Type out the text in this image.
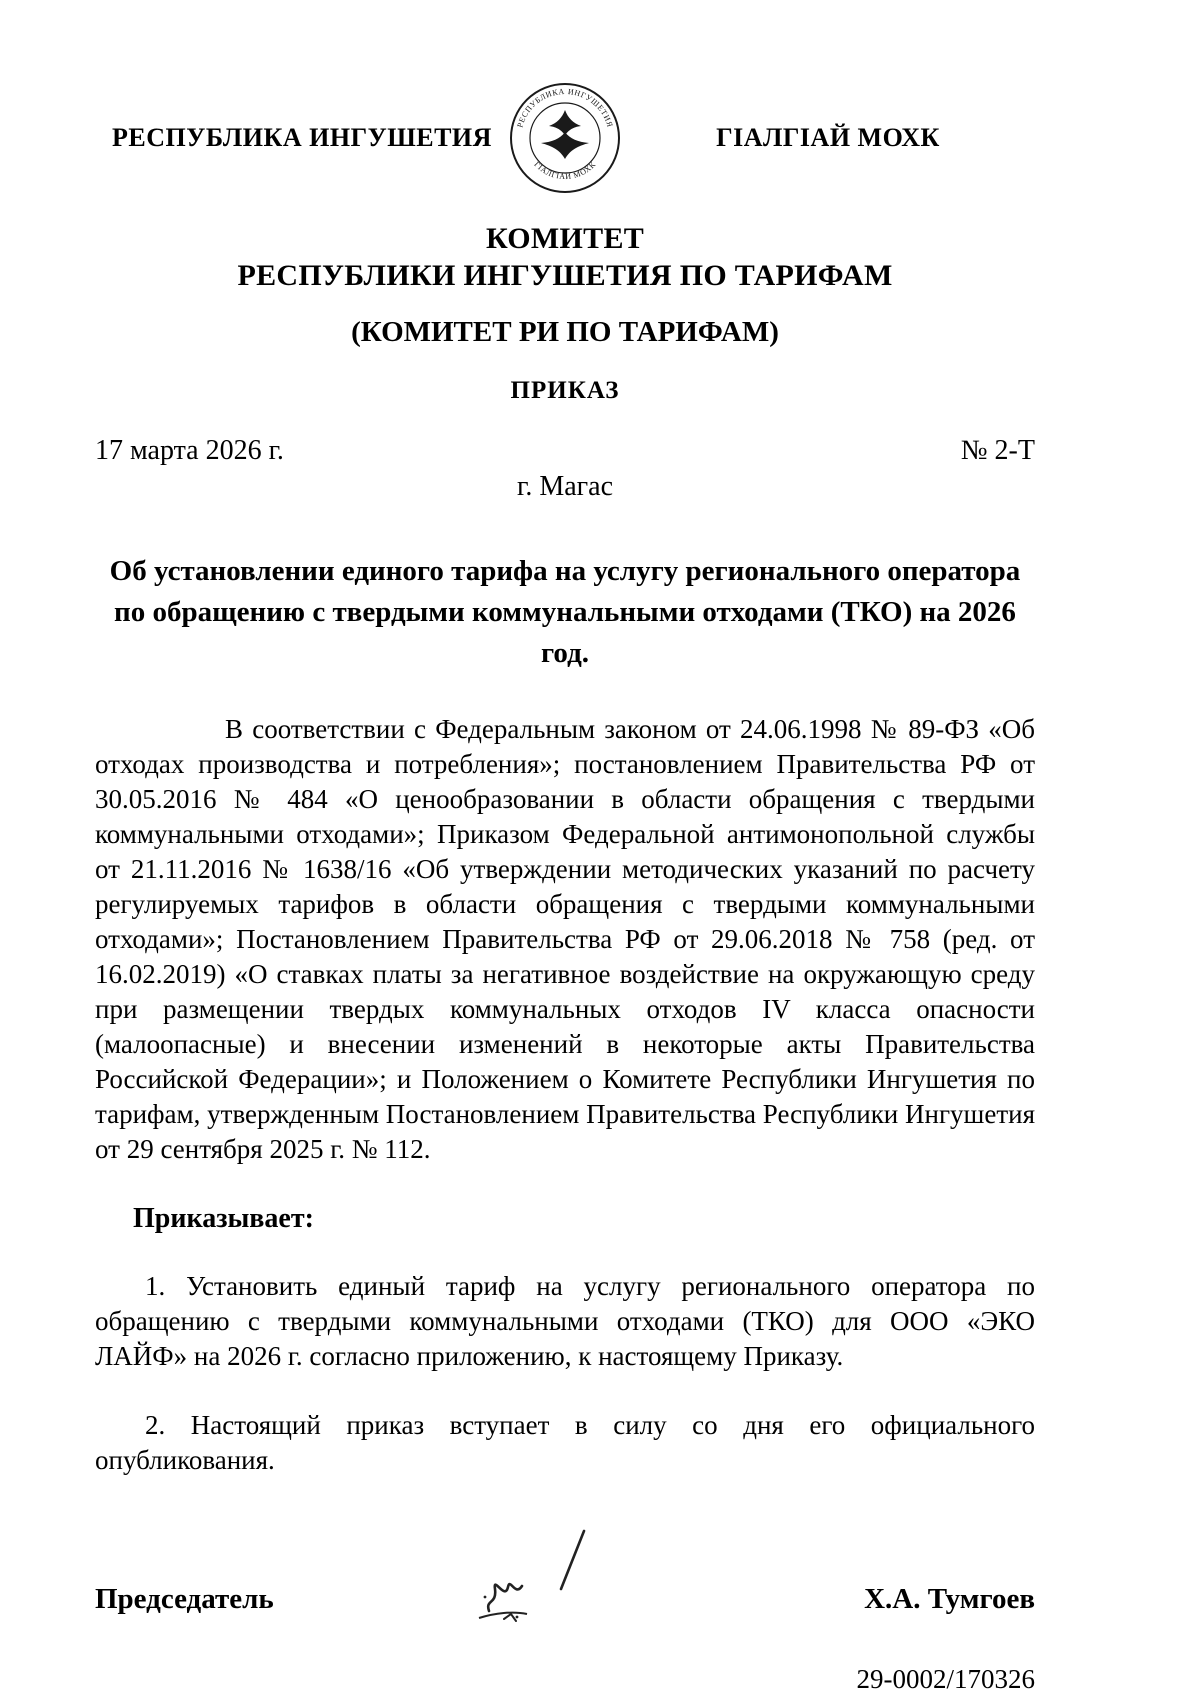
РЕСПУБЛИКА ИНГУШЕТИЯ	РЕСПУБЛИКА ИНГУШЕТИЯ
ГIАЛГIАИ МОХК
ГIАЛГIАЙ МОХК
КОМИТЕТ
РЕСПУБЛИКИ ИНГУШЕТИЯ ПО ТАРИФАМ
(КОМИТЕТ РИ ПО ТАРИФАМ)
ПРИКАЗ
17 марта 2026 г.	№ 2-Т
г. Магас
Об установлении единого тарифа на услугу регионального оператора по обращению с твердыми коммунальными отходами (ТКО) на 2026 год.

В соответствии с Федеральным законом от 24.06.1998 № 89-ФЗ «Об отходах производства и потребления»; постановлением Правительства РФ от 30.05.2016 № 484 «О ценообразовании в области обращения с твердыми коммунальными отходами»; Приказом Федеральной антимонопольной службы от 21.11.2016 № 1638/16 «Об утверждении методических указаний по расчету регулируемых тарифов в области обращения с твердыми коммунальными отходами»; Постановлением Правительства РФ от 29.06.2018 № 758 (ред. от 16.02.2019) «О ставках платы за негативное воздействие на окружающую среду при размещении твердых коммунальных отходов IV класса опасности (малоопасные) и внесении изменений в некоторые акты Правительства Российской Федерации»; и Положением о Комитете Республики Ингушетия по тарифам, утвержденным Постановлением Правительства Республики Ингушетия от 29 сентября 2025 г. № 112.

Приказывает:

1. Установить единый тариф на услугу регионального оператора по обращению с твердыми коммунальными отходами (ТКО) для ООО «ЭКО ЛАЙФ» на 2026 г. согласно приложению, к настоящему Приказу.

2. Настоящий приказ вступает в силу со дня его официального опубликования.

Председатель	Х.А. Тумгоев
29-0002/170326
